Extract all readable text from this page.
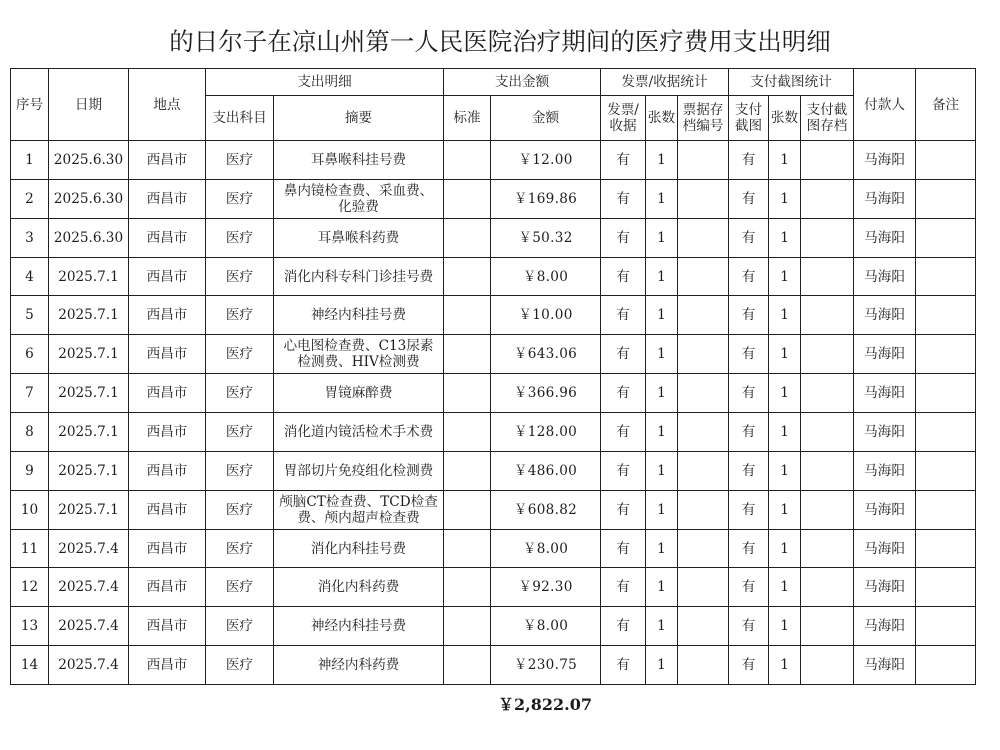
的日尔子在凉山州第一人民医院治疗期间的医疗费用支出明细
序号	日期	地点	支出明细		支出金额		发票/收据统计			支付截图统计			付款人	备注
			支出科目	摘要	标准	金额	发票/收据	张数	票据存档编号	支付截图	张数	支付截图存档		
1	2025.6.30	西昌市	医疗	耳鼻喉科挂号费		￥12.00	有	1		有	1		马海阳	
2	2025.6.30	西昌市	医疗	鼻内镜检查费、采血费、化验费		￥169.86	有	1		有	1		马海阳	
3	2025.6.30	西昌市	医疗	耳鼻喉科药费		￥50.32	有	1		有	1		马海阳	
4	2025.7.1	西昌市	医疗	消化内科专科门诊挂号费		￥8.00	有	1		有	1		马海阳	
5	2025.7.1	西昌市	医疗	神经内科挂号费		￥10.00	有	1		有	1		马海阳	
6	2025.7.1	西昌市	医疗	心电图检查费、C13尿素检测费、HIV检测费		￥643.06	有	1		有	1		马海阳	
7	2025.7.1	西昌市	医疗	胃镜麻醉费		￥366.96	有	1		有	1		马海阳	
8	2025.7.1	西昌市	医疗	消化道内镜活检术手术费		￥128.00	有	1		有	1		马海阳	
9	2025.7.1	西昌市	医疗	胃部切片免疫组化检测费		￥486.00	有	1		有	1		马海阳	
10	2025.7.1	西昌市	医疗	颅脑CT检查费、TCD检查费、颅内超声检查费		￥608.82	有	1		有	1		马海阳	
11	2025.7.4	西昌市	医疗	消化内科挂号费		￥8.00	有	1		有	1		马海阳	
12	2025.7.4	西昌市	医疗	消化内科药费		￥92.30	有	1		有	1		马海阳	
13	2025.7.4	西昌市	医疗	神经内科挂号费		￥8.00	有	1		有	1		马海阳	
14	2025.7.4	西昌市	医疗	神经内科药费		￥230.75	有	1		有	1		马海阳	
￥2,822.07
